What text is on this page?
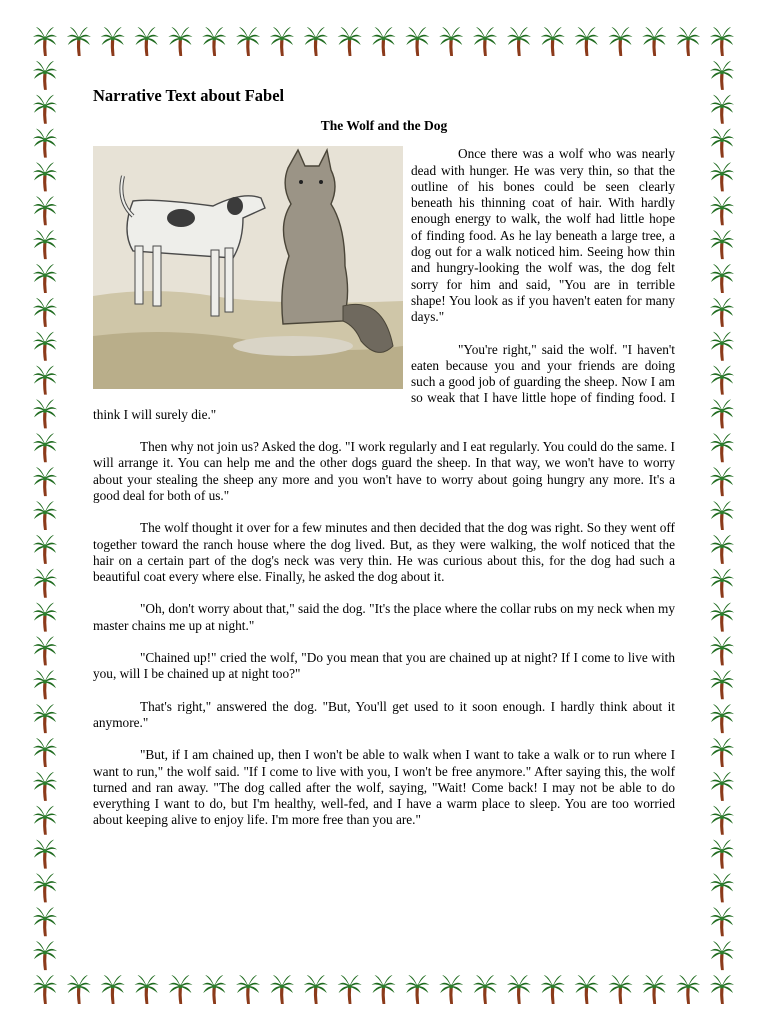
Narrative Text about Fabel
The Wolf and the Dog

Once there was a wolf who was nearly dead with hunger. He was very thin, so that the outline of his bones could be seen clearly beneath his thinning coat of hair. With hardly enough energy to walk, the wolf had little hope of finding food. As he lay beneath a large tree, a dog out for a walk noticed him. Seeing how thin and hungry-looking the wolf was, the dog felt sorry for him and said, "You are in terrible shape! You look as if you haven't eaten for many days."

"You're right," said the wolf. "I haven't eaten because you and your friends are doing such a good job of guarding the sheep. Now I am so weak that I have little hope of finding food. I think I will surely die."

Then why not join us? Asked the dog. "I work regularly and I eat regularly. You could do the same. I will arrange it. You can help me and the other dogs guard the sheep. In that way, we won't have to worry about your stealing the sheep any more and you won't have to worry about going hungry any more. It's a good deal for both of us."

The wolf thought it over for a few minutes and then decided that the dog was right. So they went off together toward the ranch house where the dog lived. But, as they were walking, the wolf noticed that the hair on a certain part of the dog's neck was very thin. He was curious about this, for the dog had such a beautiful coat every where else. Finally, he asked the dog about it.

"Oh, don't worry about that," said the dog. "It's the place where the collar rubs on my neck when my master chains me up at night."

"Chained up!" cried the wolf, "Do you mean that you are chained up at night? If I come to live with you, will I be chained up at night too?"

That's right," answered the dog. "But, You'll get used to it soon enough. I hardly think about it anymore."

"But, if I am chained up, then I won't be able to walk when I want to take a walk or to run where I want to run," the wolf said. "If I come to live with you, I won't be free anymore." After saying this, the wolf turned and ran away. "The dog called after the wolf, saying, "Wait! Come back! I may not be able to do everything I want to do, but I'm healthy, well-fed, and I have a warm place to sleep. You are too worried about keeping alive to enjoy life. I'm more free than you are."
